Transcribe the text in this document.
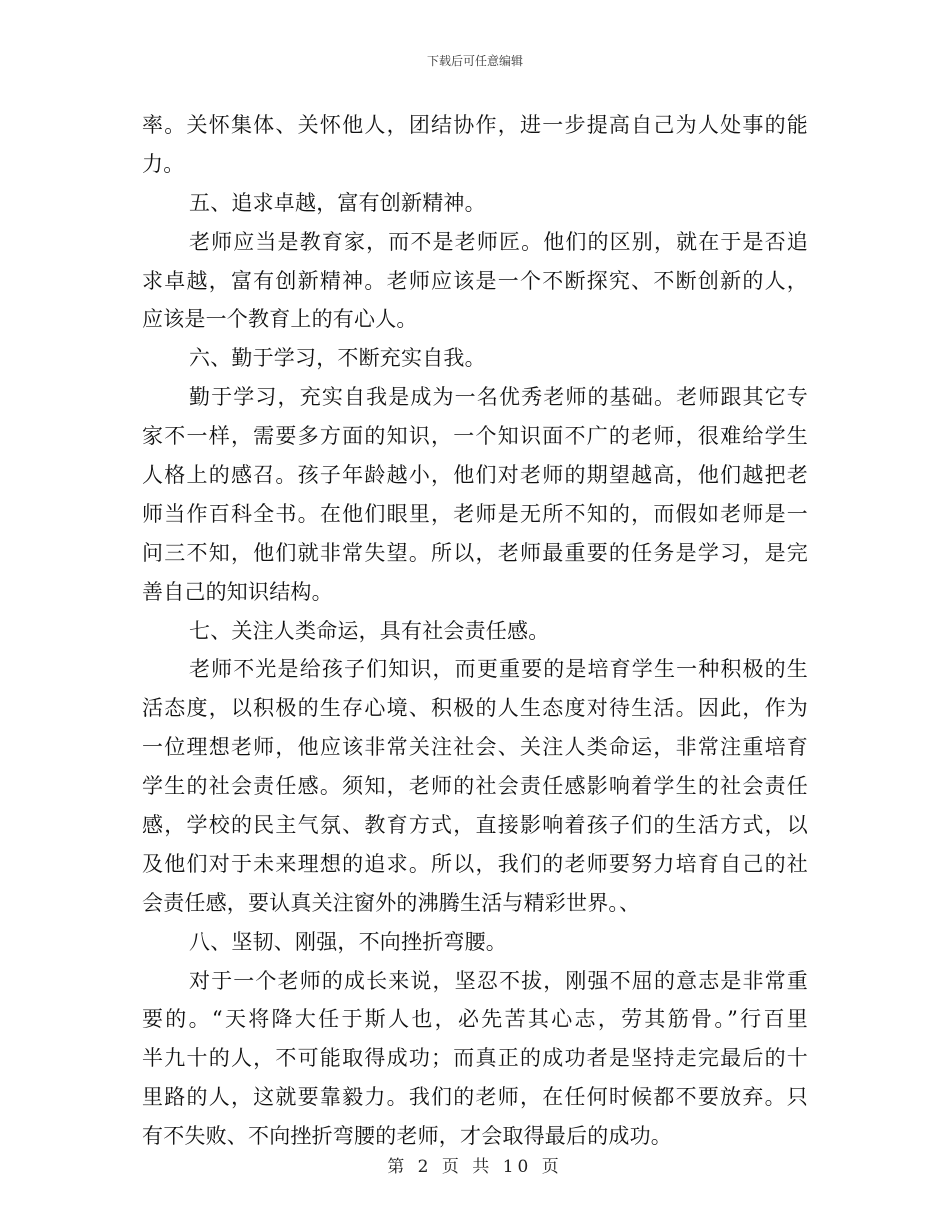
下载后可任意编辑
率。关怀集体、关怀他人，团结协作，进一步提高自己为人处事的能
力。
五、追求卓越，富有创新精神。
老师应当是教育家，而不是老师匠。他们的区别，就在于是否追
求卓越，富有创新精神。老师应该是一个不断探究、不断创新的人，
应该是一个教育上的有心人。
六、勤于学习，不断充实自我。
勤于学习，充实自我是成为一名优秀老师的基础。老师跟其它专
家不一样，需要多方面的知识，一个知识面不广的老师，很难给学生
人格上的感召。孩子年龄越小，他们对老师的期望越高，他们越把老
师当作百科全书。在他们眼里，老师是无所不知的，而假如老师是一
问三不知，他们就非常失望。所以，老师最重要的任务是学习，是完
善自己的知识结构。
七、关注人类命运，具有社会责任感。
老师不光是给孩子们知识，而更重要的是培育学生一种积极的生
活态度，以积极的生存心境、积极的人生态度对待生活。因此，作为
一位理想老师，他应该非常关注社会、关注人类命运，非常注重培育
学生的社会责任感。须知，老师的社会责任感影响着学生的社会责任
感，学校的民主气氛、教育方式，直接影响着孩子们的生活方式，以
及他们对于未来理想的追求。所以，我们的老师要努力培育自己的社
会责任感，要认真关注窗外的沸腾生活与精彩世界。、
八、坚韧、刚强，不向挫折弯腰。
对于一个老师的成长来说，坚忍不拔，刚强不屈的意志是非常重
要的。“天将降大任于斯人也，必先苦其心志，劳其筋骨。”行百里
半九十的人，不可能取得成功；而真正的成功者是坚持走完最后的十
里路的人，这就要靠毅力。我们的老师，在任何时候都不要放弃。只
有不失败、不向挫折弯腰的老师，才会取得最后的成功。
第 2 页 共 10 页
